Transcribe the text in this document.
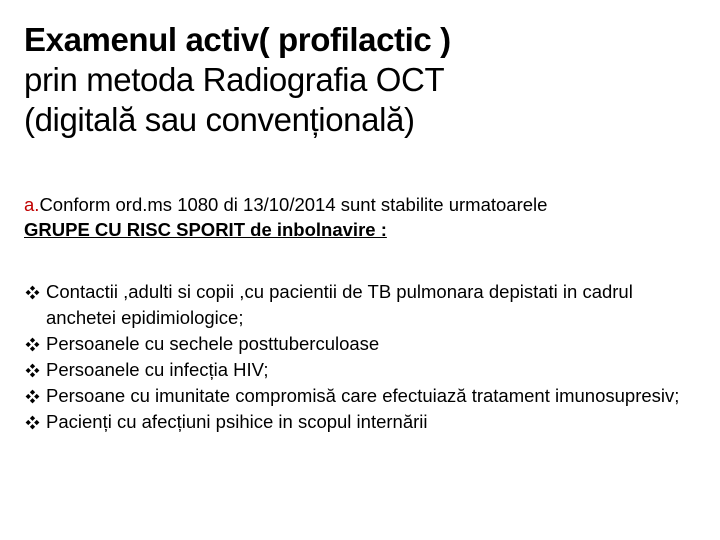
Examenul activ( profilactic )
prin metoda Radiografia OCT
(digitală sau convențională)
a.Conform ord.ms 1080 di 13/10/2014 sunt stabilite urmatoarele
GRUPE CU RISC SPORIT de inbolnavire :
Contactii ,adulti si copii ,cu pacientii de TB pulmonara depistati in cadrul anchetei epidimiologice;
Persoanele cu sechele posttuberculoase
Persoanele cu infecția HIV;
Persoane cu imunitate compromisă care efectuiază tratament imunosupresiv;
Pacienți cu afecțiuni psihice in scopul internării
